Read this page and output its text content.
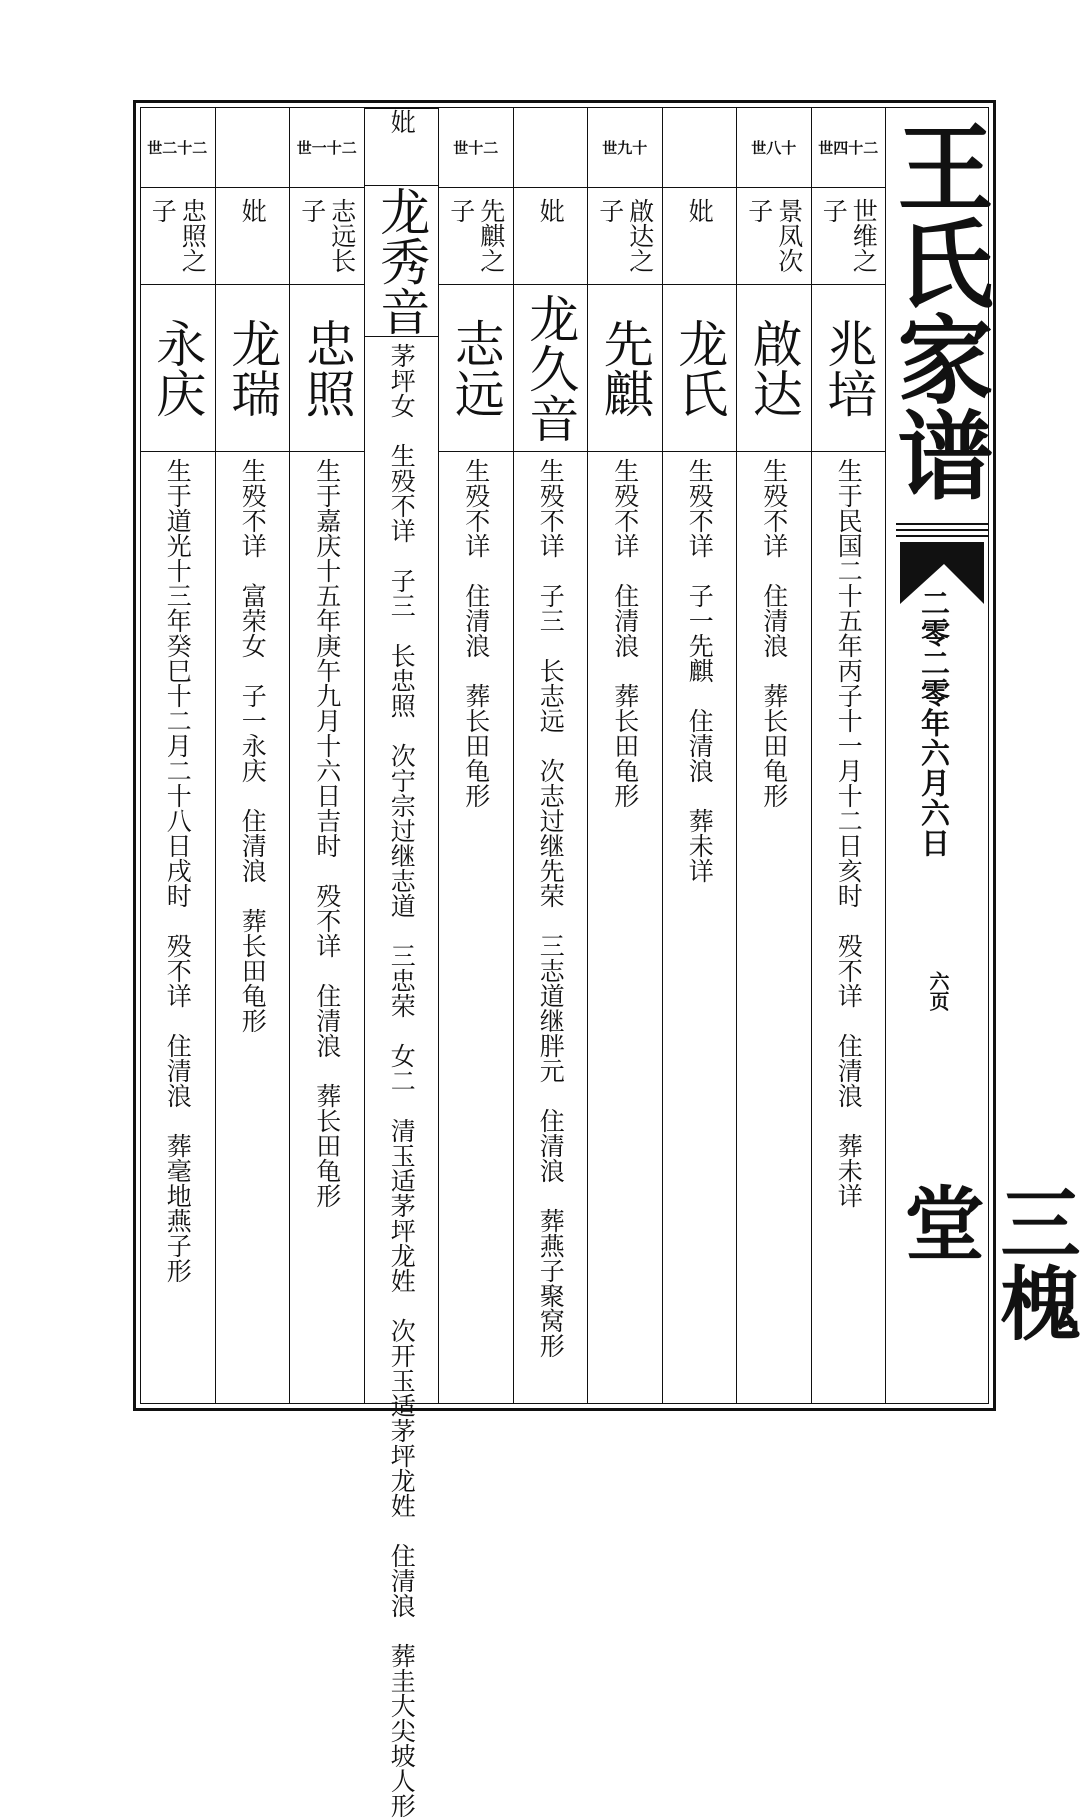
世四十二
世维之子
兆培
生于民国二十五年丙子十一月十二日亥时　殁不详　住清浪　葬未详
世八十
景凤次子
啟达
生殁不详　住清浪　葬长田龟形
妣
龙氏
生殁不详　子一先麒　住清浪　葬未详
世九十
啟达之子
先麒
生殁不详　住清浪　葬长田龟形
妣
龙久音
生殁不详　子三　长志远　次志过继先荣　三志道继胖元　住清浪　葬燕子聚窝形
世十二
先麒之子
志远
生殁不详　住清浪　葬长田龟形
妣
龙秀音
茅坪女　生殁不详　子三　长忠照　次宁宗过继志道　三忠荣　女二　清玉适茅坪龙姓　次开玉适茅坪龙姓　住清浪　葬圭大尖坡人形
世一十二
志远长子
忠照
生于嘉庆十五年庚午九月十六日吉时　殁不详　住清浪　葬长田龟形
妣
龙瑞
生殁不详　富荣女　子一永庆　住清浪　葬长田龟形
世二十二
忠照之子
永庆
生于道光十三年癸巳十二月二十八日戌时　殁不详　住清浪　葬毫地燕子形
王氏家谱
二零二零年六月六日
六页
三槐堂
